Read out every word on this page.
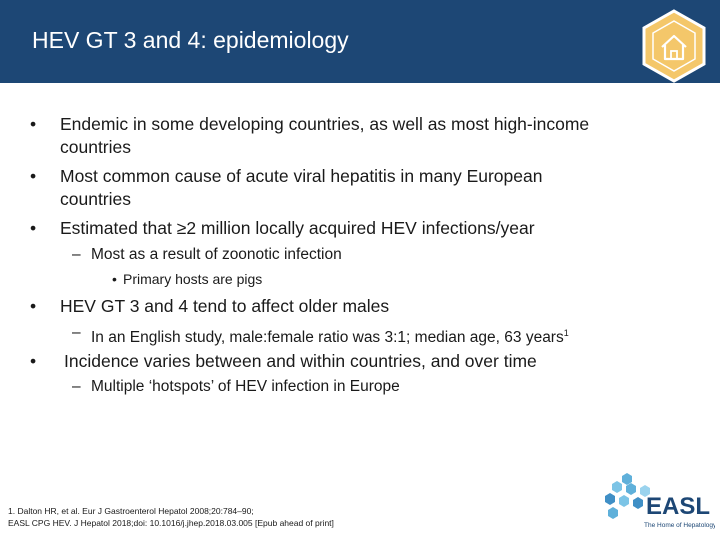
HEV GT 3 and 4: epidemiology
• Endemic in some developing countries, as well as most high-income
countries
• Most common cause of acute viral hepatitis in many European
countries
• Estimated that ≥2 million locally acquired HEV infections/year
– Most as a result of zoonotic infection
• Primary hosts are pigs
• HEV GT 3 and 4 tend to affect older males
– In an English study, male:female ratio was 3:1; median age, 63 years$^1$
• Incidence varies between and within countries, and over time
– Multiple ‘hotspots’ of HEV infection in Europe
1. Dalton HR, et al. Eur J Gastroenterol Hepatol 2008;20:784–90;
EASL CPG HEV. J Hepatol 2018;doi: 10.1016/j.jhep.2018.03.005 [Epub ahead of print]
EASL
The Home of Hepatology
